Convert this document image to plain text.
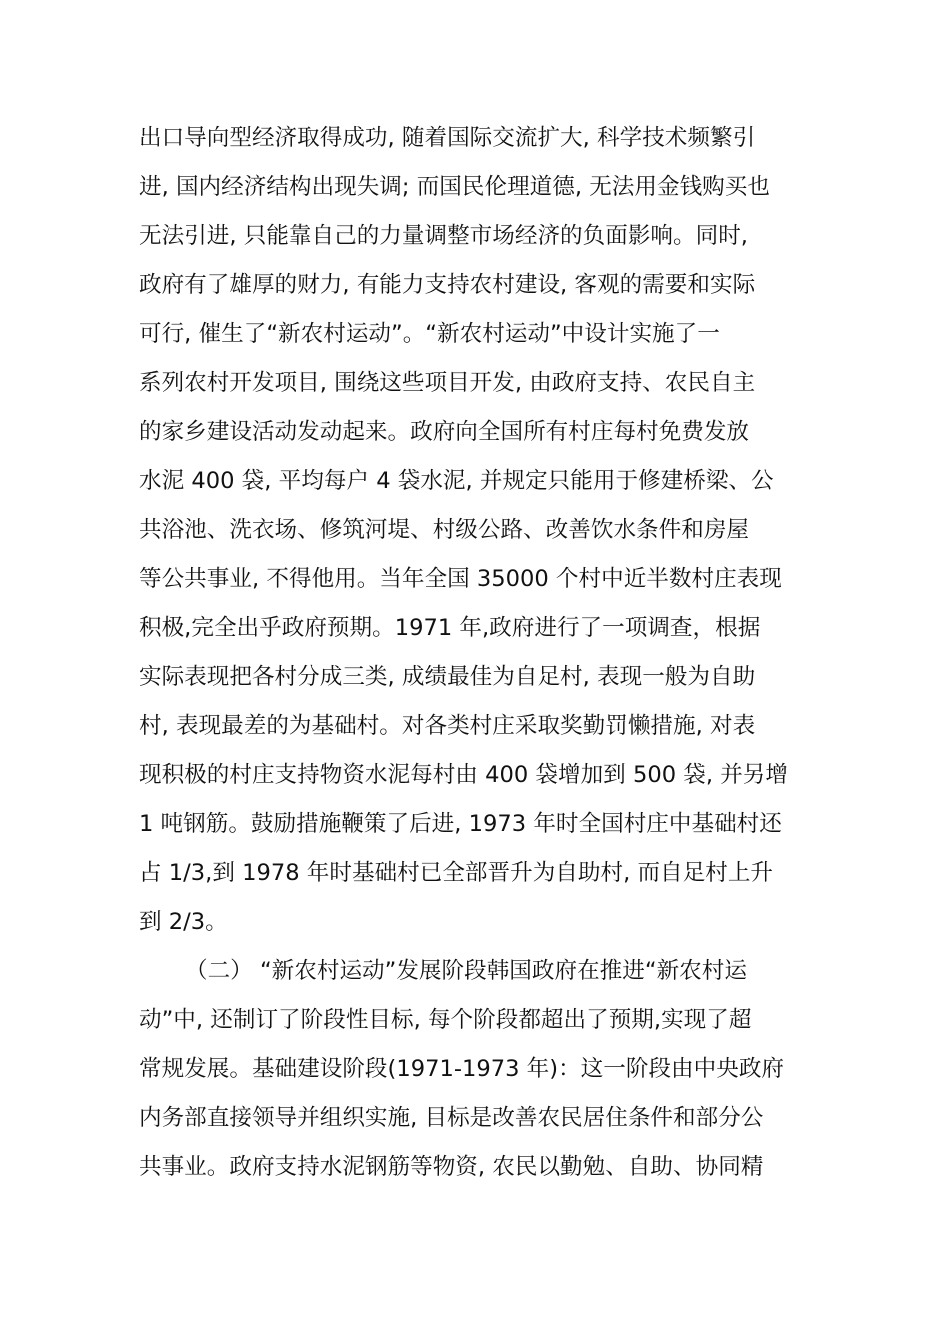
出口导向型经济取得成功, 随着国际交流扩大, 科学技术频繁引
进, 国内经济结构出现失调; 而国民伦理道德, 无法用金钱购买也
无法引进, 只能靠自己的力量调整市场经济的负面影响。同时,
政府有了雄厚的财力, 有能力支持农村建设, 客观的需要和实际
可行, 催生了“新农村运动”。“新农村运动”中设计实施了一
系列农村开发项目, 围绕这些项目开发, 由政府支持、农民自主
的家乡建设活动发动起来。政府向全国所有村庄每村免费发放
水泥 400 袋, 平均每户 4 袋水泥, 并规定只能用于修建桥梁、公
共浴池、洗衣场、修筑河堤、村级公路、改善饮水条件和房屋
等公共事业, 不得他用。当年全国 35000 个村中近半数村庄表现
积极,完全出乎政府预期。1971 年,政府进行了一项调查，根据
实际表现把各村分成三类, 成绩最佳为自足村, 表现一般为自助
村, 表现最差的为基础村。对各类村庄采取奖勤罚懒措施, 对表
现积极的村庄支持物资水泥每村由 400 袋增加到 500 袋, 并另增
1 吨钢筋。鼓励措施鞭策了后进, 1973 年时全国村庄中基础村还
占 1/3,到 1978 年时基础村已全部晋升为自助村, 而自足村上升
到 2/3。
（二） “新农村运动”发展阶段韩国政府在推进“新农村运
动”中, 还制订了阶段性目标, 每个阶段都超出了预期,实现了超
常规发展。基础建设阶段(1971-1973 年)：这一阶段由中央政府
内务部直接领导并组织实施, 目标是改善农民居住条件和部分公
共事业。政府支持水泥钢筋等物资, 农民以勤勉、自助、协同精
